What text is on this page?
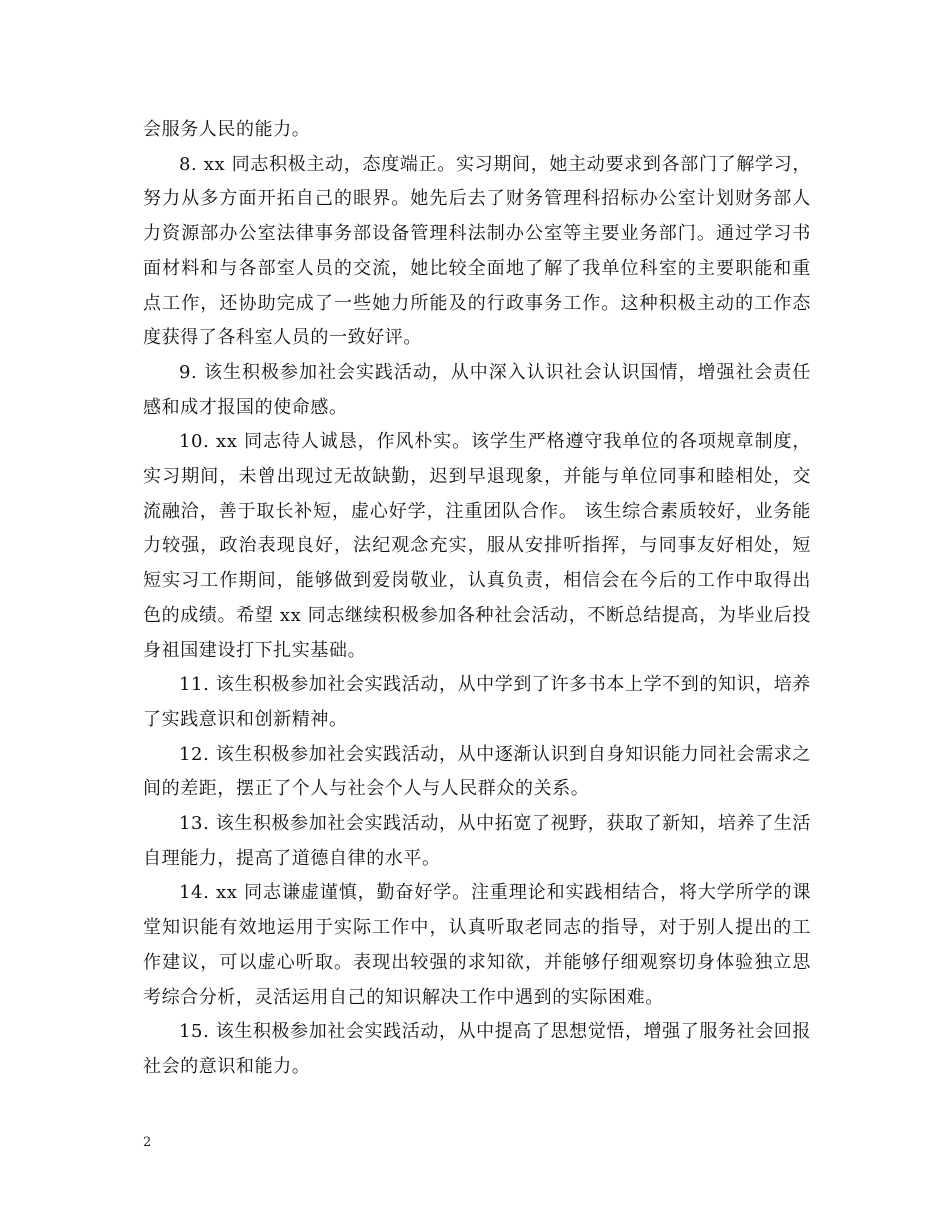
会服务人民的能力。

8. xx 同志积极主动，态度端正。实习期间，她主动要求到各部门了解学习，努力从多方面开拓自己的眼界。她先后去了财务管理科招标办公室计划财务部人力资源部办公室法律事务部设备管理科法制办公室等主要业务部门。通过学习书面材料和与各部室人员的交流，她比较全面地了解了我单位科室的主要职能和重点工作，还协助完成了一些她力所能及的行政事务工作。这种积极主动的工作态度获得了各科室人员的一致好评。

9. 该生积极参加社会实践活动，从中深入认识社会认识国情，增强社会责任感和成才报国的使命感。

10. xx 同志待人诚恳，作风朴实。该学生严格遵守我单位的各项规章制度，实习期间，未曾出现过无故缺勤，迟到早退现象，并能与单位同事和睦相处，交流融洽，善于取长补短，虚心好学，注重团队合作。 该生综合素质较好，业务能力较强，政治表现良好，法纪观念充实，服从安排听指挥，与同事友好相处，短短实习工作期间，能够做到爱岗敬业，认真负责，相信会在今后的工作中取得出色的成绩。希望 xx 同志继续积极参加各种社会活动，不断总结提高，为毕业后投身祖国建设打下扎实基础。

11. 该生积极参加社会实践活动，从中学到了许多书本上学不到的知识，培养了实践意识和创新精神。

12. 该生积极参加社会实践活动，从中逐渐认识到自身知识能力同社会需求之间的差距，摆正了个人与社会个人与人民群众的关系。

13. 该生积极参加社会实践活动，从中拓宽了视野，获取了新知，培养了生活自理能力，提高了道德自律的水平。

14. xx 同志谦虚谨慎，勤奋好学。注重理论和实践相结合，将大学所学的课堂知识能有效地运用于实际工作中，认真听取老同志的指导，对于别人提出的工作建议，可以虚心听取。表现出较强的求知欲，并能够仔细观察切身体验独立思考综合分析，灵活运用自己的知识解决工作中遇到的实际困难。

15. 该生积极参加社会实践活动，从中提高了思想觉悟，增强了服务社会回报社会的意识和能力。

2
